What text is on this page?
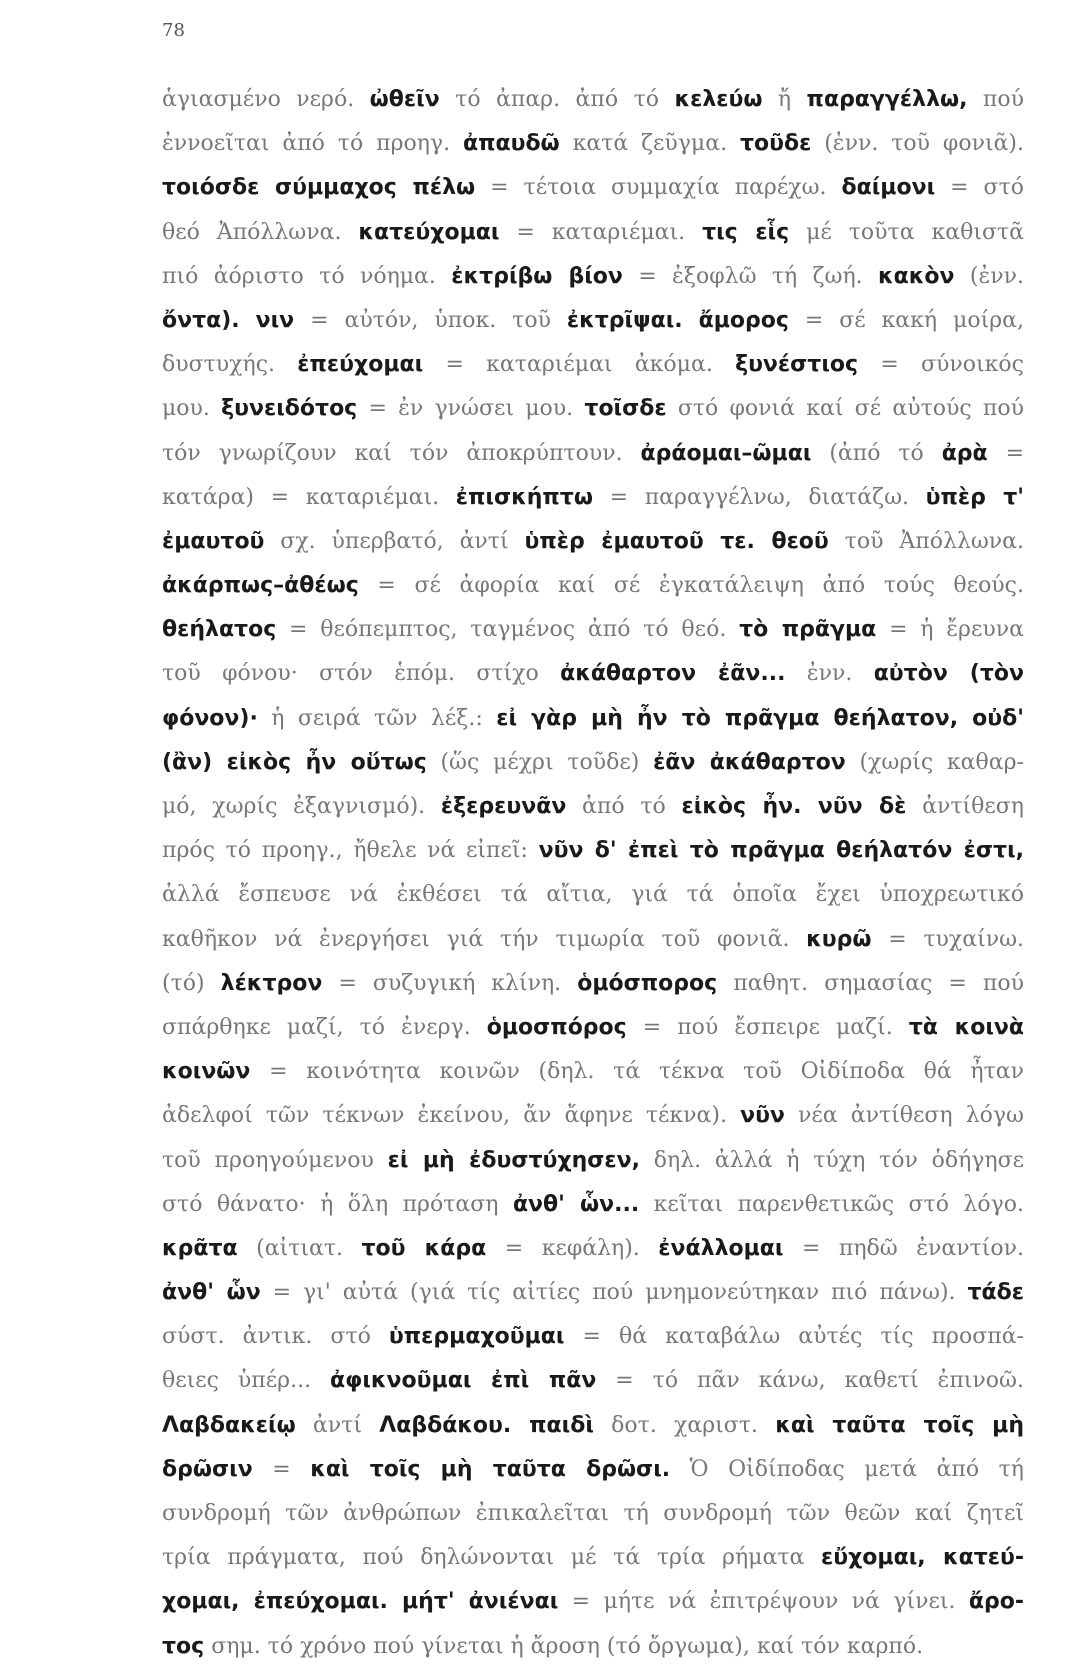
78
ἁγιασμένο νερό. ὠθεῖν τό ἀπαρ. ἀπό τό κελεύω ἤ παραγγέλλω, πού
ἐννοεῖται ἀπό τό προηγ. ἀπαυδῶ κατά ζεῦγμα. τοῦδε (ἐνν. τοῦ φονιᾶ).
τοιόσδε σύμμαχος πέλω = τέτοια συμμαχία παρέχω. δαίμονι = στό
θεό Ἀπόλλωνα. κατεύχομαι = καταριέμαι. τις εἷς μέ τοῦτα καθιστᾶ
πιό ἀόριστο τό νόημα. ἐκτρίβω βίον = ἐξοφλῶ τή ζωή. κακὸν (ἐνν.
ὄντα). νιν = αὐτόν, ὑποκ. τοῦ ἐκτρῖψαι. ἄμορος = σέ κακή μοίρα,
δυστυχής. ἐπεύχομαι = καταριέμαι ἀκόμα. ξυνέστιος = σύνοικός
μου. ξυνειδότος = ἐν γνώσει μου. τοῖσδε στό φονιά καί σέ αὐτούς πού
τόν γνωρίζουν καί τόν ἀποκρύπτουν. ἀράομαι–ῶμαι (ἀπό τό ἀρὰ =
κατάρα) = καταριέμαι. ἐπισκήπτω = παραγγέλνω, διατάζω. ὑπὲρ τ'
ἐμαυτοῦ σχ. ὑπερβατό, ἀντί ὑπὲρ ἐμαυτοῦ τε. θεοῦ τοῦ Ἀπόλλωνα.
ἀκάρπως–ἀθέως = σέ ἀφορία καί σέ ἐγκατάλειψη ἀπό τούς θεούς.
θεήλατος = θεόπεμπτος, ταγμένος ἀπό τό θεό. τὸ πρᾶγμα = ἡ ἔρευνα
τοῦ φόνου· στόν ἑπόμ. στίχο ἀκάθαρτον ἐᾶν... ἐνν. αὐτὸν (τὸν
φόνον)· ἡ σειρά τῶν λέξ.: εἰ γὰρ μὴ ἦν τὸ πρᾶγμα θεήλατον, οὐδ'
(ἂν) εἰκὸς ἦν οὕτως (ὥς μέχρι τοῦδε) ἐᾶν ἀκάθαρτον (χωρίς καθαρ-
μό, χωρίς ἐξαγνισμό). ἐξερευνᾶν ἀπό τό εἰκὸς ἦν. νῦν δὲ ἀντίθεση
πρός τό προηγ., ἤθελε νά εἰπεῖ: νῦν δ' ἐπεὶ τὸ πρᾶγμα θεήλατόν ἐστι,
ἀλλά ἔσπευσε νά ἐκθέσει τά αἴτια, γιά τά ὁποῖα ἔχει ὑποχρεωτικό
καθῆκον νά ἐνεργήσει γιά τήν τιμωρία τοῦ φονιᾶ. κυρῶ = τυχαίνω.
(τό) λέκτρον = συζυγική κλίνη. ὁμόσπορος παθητ. σημασίας = πού
σπάρθηκε μαζί, τό ἐνεργ. ὁμοσπόρος = πού ἔσπειρε μαζί. τὰ κοινὰ
κοινῶν = κοινότητα κοινῶν (δηλ. τά τέκνα τοῦ Οἰδίποδα θά ἦταν
ἀδελφοί τῶν τέκνων ἐκείνου, ἄν ἄφηνε τέκνα). νῦν νέα ἀντίθεση λόγω
τοῦ προηγούμενου εἰ μὴ ἐδυστύχησεν, δηλ. ἀλλά ἡ τύχη τόν ὁδήγησε
στό θάνατο· ἡ ὅλη πρόταση ἀνθ' ὧν... κεῖται παρενθετικῶς στό λόγο.
κρᾶτα (αἰτιατ. τοῦ κάρα = κεφάλη). ἐνάλλομαι = πηδῶ ἐναντίον.
ἀνθ' ὧν = γι' αὐτά (γιά τίς αἰτίες πού μνημονεύτηκαν πιό πάνω). τάδε
σύστ. ἀντικ. στό ὑπερμαχοῦμαι = θά καταβάλω αὐτές τίς προσπά-
θειες ὑπέρ... ἀφικνοῦμαι ἐπὶ πᾶν = τό πᾶν κάνω, καθετί ἐπινοῶ.
Λαβδακείῳ ἀντί Λαβδάκου. παιδὶ δοτ. χαριστ. καὶ ταῦτα τοῖς μὴ
δρῶσιν = καὶ τοῖς μὴ ταῦτα δρῶσι. Ὁ Οἰδίποδας μετά ἀπό τή
συνδρομή τῶν ἀνθρώπων ἐπικαλεῖται τή συνδρομή τῶν θεῶν καί ζητεῖ
τρία πράγματα, πού δηλώνονται μέ τά τρία ρήματα εὔχομαι, κατεύ-
χομαι, ἐπεύχομαι. μήτ' ἀνιέναι = μήτε νά ἐπιτρέψουν νά γίνει. ἄρο-
τος σημ. τό χρόνο πού γίνεται ἡ ἄροση (τό ὄργωμα), καί τόν καρπό.
